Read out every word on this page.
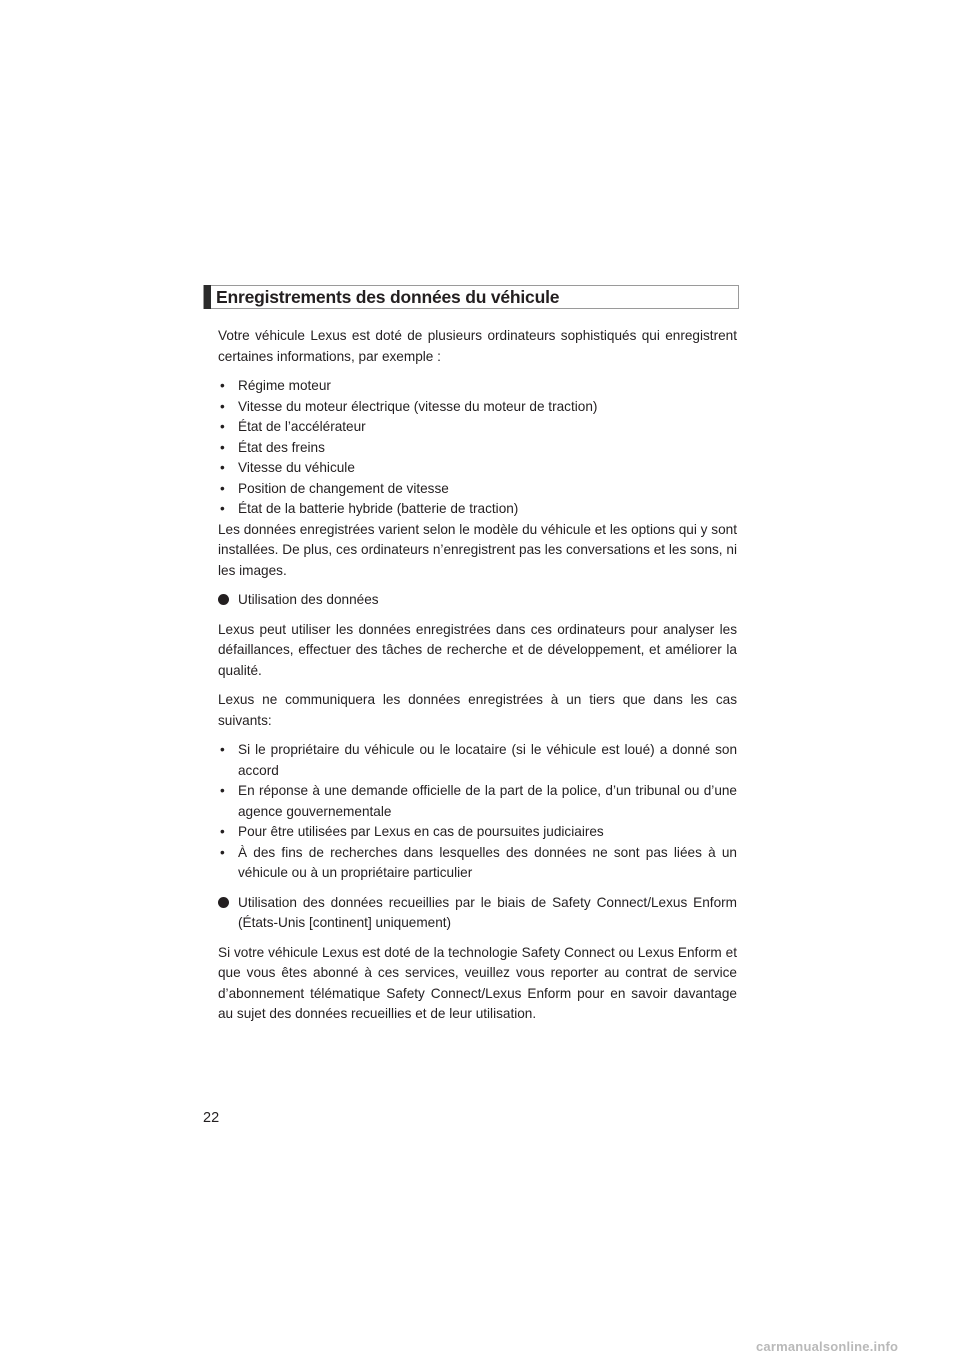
Enregistrements des données du véhicule

Votre véhicule Lexus est doté de plusieurs ordinateurs sophistiqués qui enregistrent certaines informations, par exemple :

• Régime moteur
• Vitesse du moteur électrique (vitesse du moteur de traction)
• État de l’accélérateur
• État des freins
• Vitesse du véhicule
• Position de changement de vitesse
• État de la batterie hybride (batterie de traction)

Les données enregistrées varient selon le modèle du véhicule et les options qui y sont installées. De plus, ces ordinateurs n’enregistrent pas les conversations et les sons, ni les images.

Utilisation des données

Lexus peut utiliser les données enregistrées dans ces ordinateurs pour analyser les défaillances, effectuer des tâches de recherche et de développement, et améliorer la qualité.

Lexus ne communiquera les données enregistrées à un tiers que dans les cas suivants:

• Si le propriétaire du véhicule ou le locataire (si le véhicule est loué) a donné son accord
• En réponse à une demande officielle de la part de la police, d’un tribunal ou d’une agence gouvernementale
• Pour être utilisées par Lexus en cas de poursuites judiciaires
• À des fins de recherches dans lesquelles des données ne sont pas liées à un véhicule ou à un propriétaire particulier
Utilisation des données recueillies par le biais de Safety Connect/Lexus Enform (États-Unis [continent] uniquement)

Si votre véhicule Lexus est doté de la technologie Safety Connect ou Lexus Enform et que vous êtes abonné à ces services, veuillez vous reporter au contrat de service d’abonnement télématique Safety Connect/Lexus Enform pour en savoir davantage au sujet des données recueillies et de leur utilisation.

22
carmanualsonline.info
